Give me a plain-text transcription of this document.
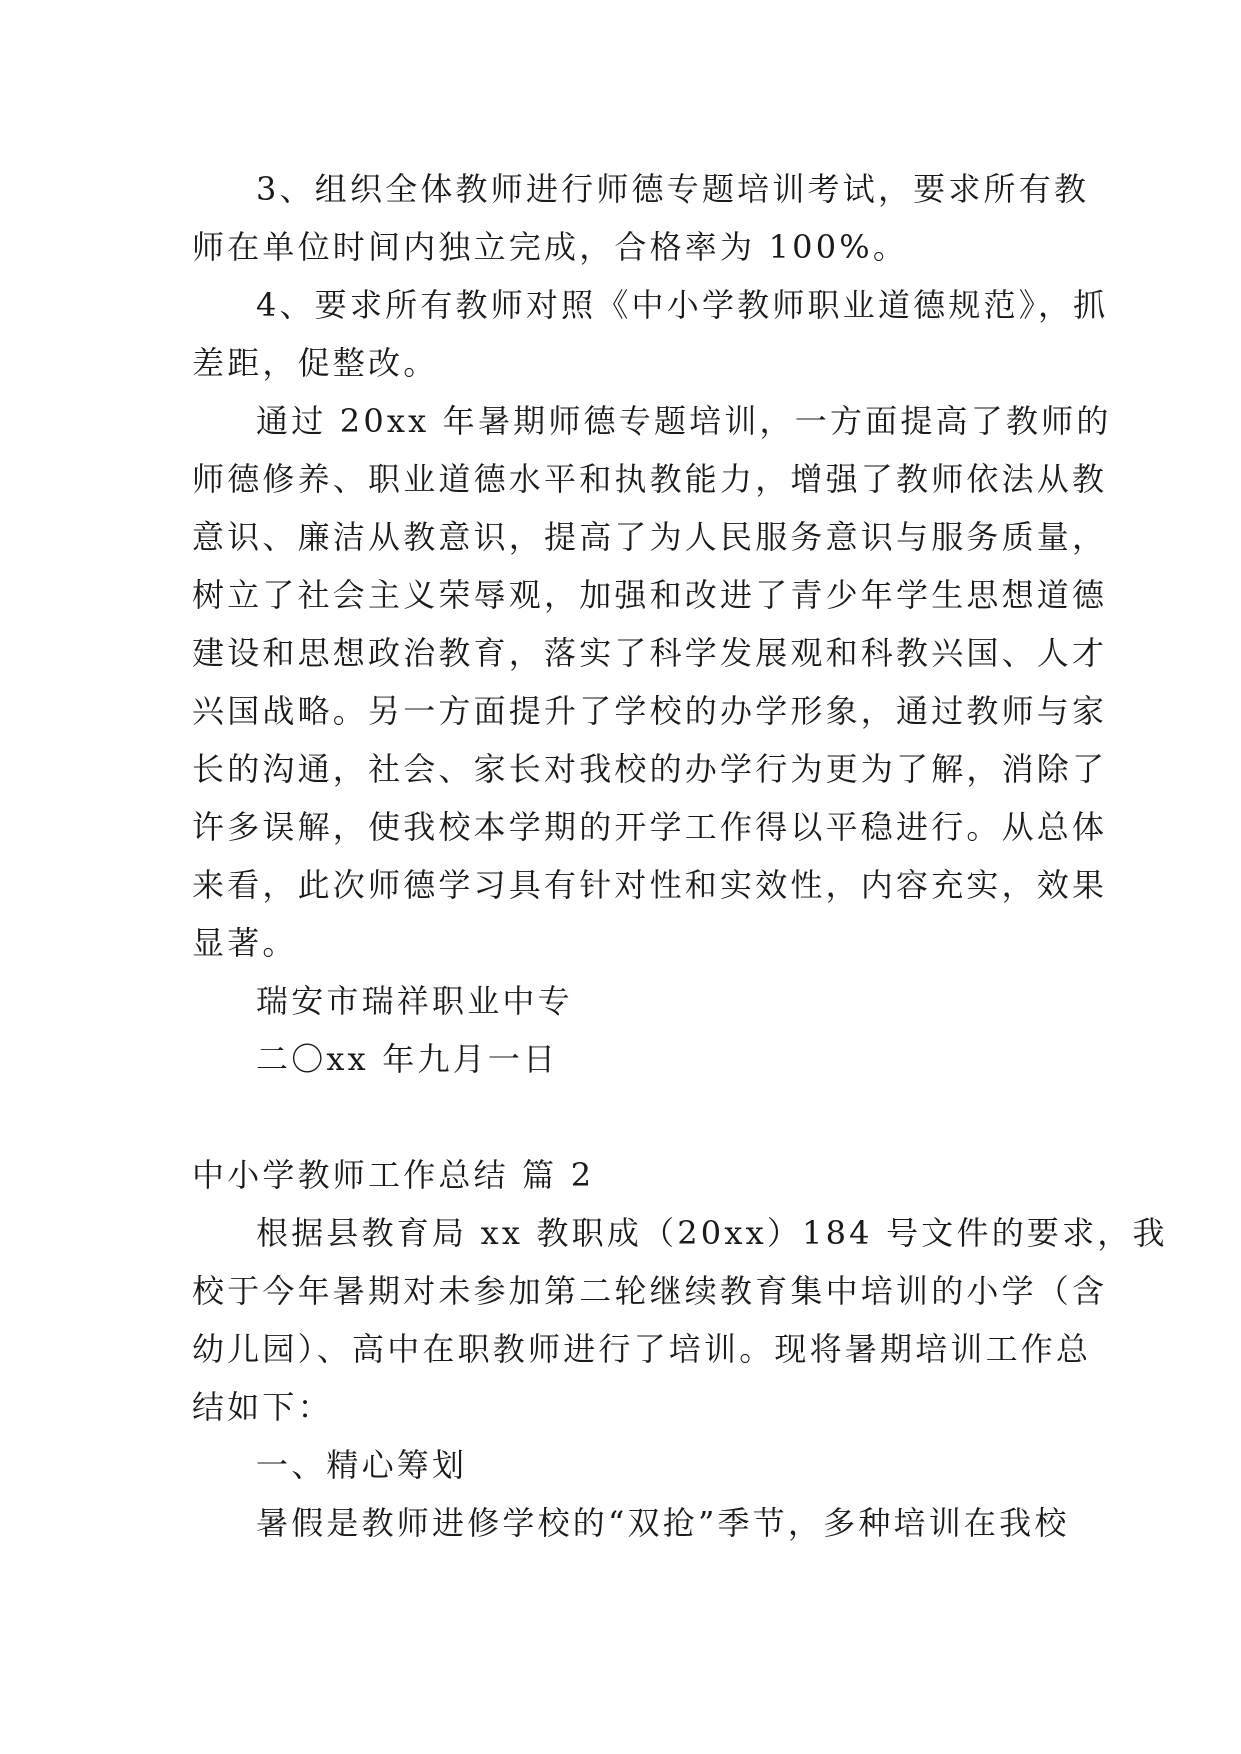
3、组织全体教师进行师德专题培训考试，要求所有教
师在单位时间内独立完成，合格率为 100%。
4、要求所有教师对照《中小学教师职业道德规范》，抓
差距，促整改。
通过 20xx 年暑期师德专题培训，一方面提高了教师的
师德修养、职业道德水平和执教能力，增强了教师依法从教
意识、廉洁从教意识，提高了为人民服务意识与服务质量，
树立了社会主义荣辱观，加强和改进了青少年学生思想道德
建设和思想政治教育，落实了科学发展观和科教兴国、人才
兴国战略。另一方面提升了学校的办学形象，通过教师与家
长的沟通，社会、家长对我校的办学行为更为了解，消除了
许多误解，使我校本学期的开学工作得以平稳进行。从总体
来看，此次师德学习具有针对性和实效性，内容充实，效果
显著。
瑞安市瑞祥职业中专
二〇xx 年九月一日
中小学教师工作总结 篇 2
根据县教育局 xx 教职成（20xx）184 号文件的要求，我
校于今年暑期对未参加第二轮继续教育集中培训的小学（含
幼儿园）、高中在职教师进行了培训。现将暑期培训工作总
结如下：
一、精心筹划
暑假是教师进修学校的“双抢”季节，多种培训在我校
